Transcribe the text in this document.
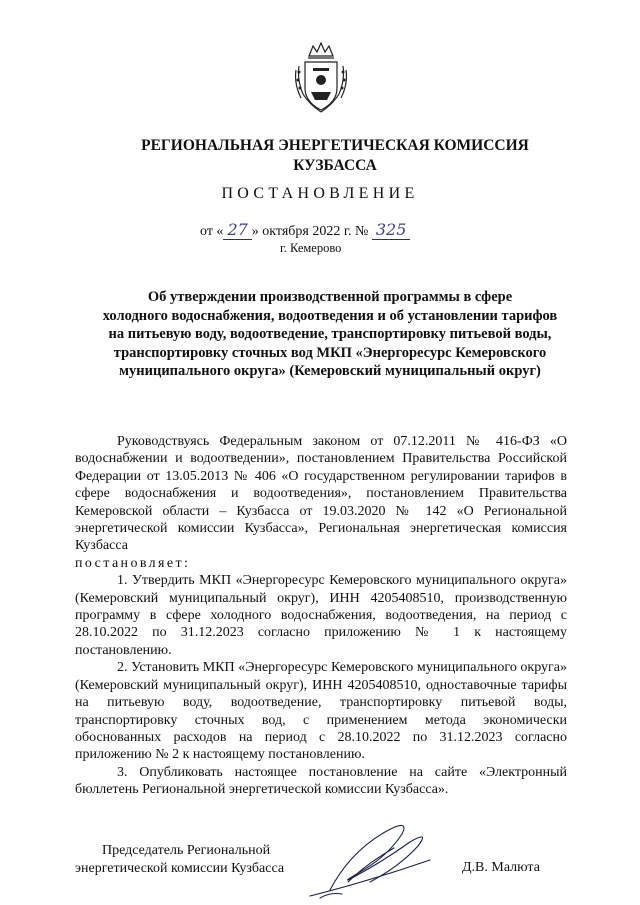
РЕГИОНАЛЬНАЯ ЭНЕРГЕТИЧЕСКАЯ КОМИССИЯ
КУЗБАССА
ПОСТАНОВЛЕНИЕ
от « 27 » октября 2022 г. № 325
г. Кемерово
Об утверждении производственной программы в сфере
холодного водоснабжения, водоотведения и об установлении тарифов
на питьевую воду, водоотведение, транспортировку питьевой воды,
транспортировку сточных вод МКП «Энергоресурс Кемеровского
муниципального округа» (Кемеровский муниципальный округ)

Руководствуясь Федеральным законом от 07.12.2011 № 416-ФЗ «О водоснабжении и водоотведении», постановлением Правительства Российской Федерации от 13.05.2013 № 406 «О государственном регулировании тарифов в сфере водоснабжения и водоотведения», постановлением Правительства Кемеровской области – Кузбасса от 19.03.2020 № 142 «О Региональной энергетической комиссии Кузбасса», Региональная энергетическая комиссия Кузбасса

постановляет:

1. Утвердить МКП «Энергоресурс Кемеровского муниципального округа» (Кемеровский муниципальный округ), ИНН 4205408510, производственную программу в сфере холодного водоснабжения, водоотведения, на период с 28.10.2022 по 31.12.2023 согласно приложению № 1 к настоящему постановлению.

2. Установить МКП «Энергоресурс Кемеровского муниципального округа» (Кемеровский муниципальный округ), ИНН 4205408510, одноставочные тарифы на питьевую воду, водоотведение, транспортировку питьевой воды, транспортировку сточных вод, с применением метода экономически обоснованных расходов на период с 28.10.2022 по 31.12.2023 согласно приложению № 2 к настоящему постановлению.

3. Опубликовать настоящее постановление на сайте «Электронный бюллетень Региональной энергетической комиссии Кузбасса».

Председатель Региональной
энергетической комиссии Кузбасса	Д.В. Малюта
